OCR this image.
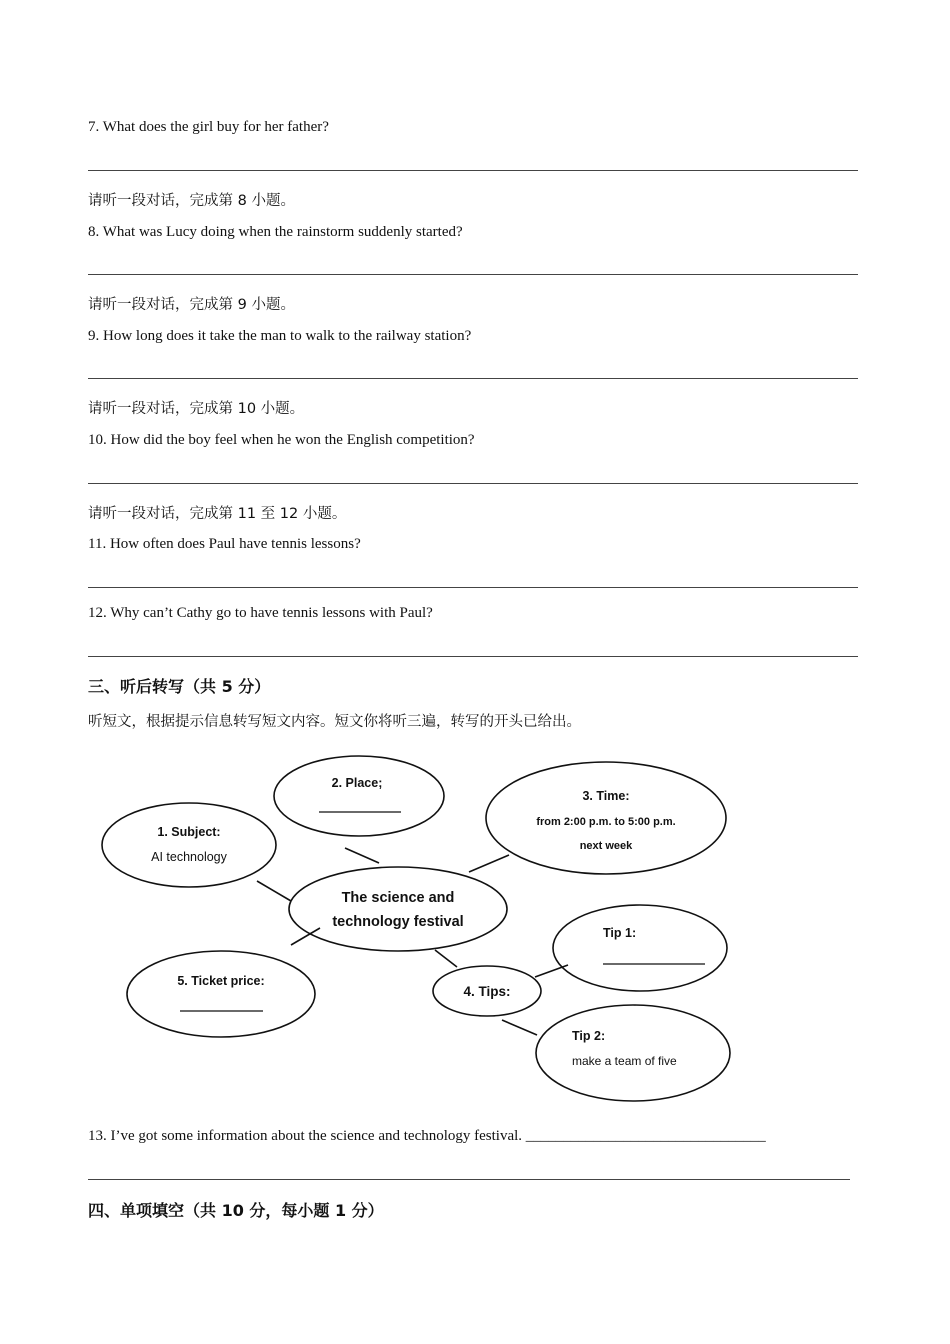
7. What does the girl buy for her father?
请听一段对话，完成第 8 小题。
8. What was Lucy doing when the rainstorm suddenly started?
请听一段对话，完成第 9 小题。
9. How long does it take the man to walk to the railway station?
请听一段对话，完成第 10 小题。
10. How did the boy feel when he won the English competition?
请听一段对话，完成第 11 至 12 小题。
11. How often does Paul have tennis lessons?
12. Why can’t Cathy go to have tennis lessons with Paul?
三、听后转写（共 5 分）
听短文，根据提示信息转写短文内容。短文你将听三遍，转写的开头已给出。
The science and
technology festival
1. Subject:
AI technology
2. Place;
3. Time:
from 2:00 p.m. to 5:00 p.m.
next week
4. Tips:
Tip 1:
Tip 2:
make a team of five
5. Ticket price:
13. I’ve got some information about the science and technology festival. ________________________________
四、单项填空（共 10 分，每小题 1 分）
